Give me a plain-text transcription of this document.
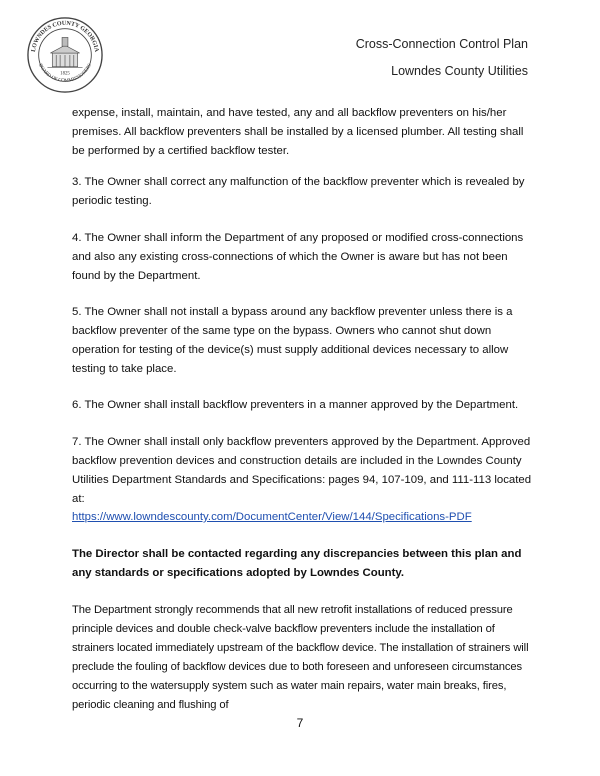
LOWNDES COUNTY GEORGIA
BOARD OF COMMISSIONERS
1825
Cross-Connection Control Plan
Lowndes County Utilities

expense, install, maintain, and have tested, any and all backflow preventers on his/her premises. All backflow preventers shall be installed by a licensed plumber. All testing shall be performed by a certified backflow tester.

3. The Owner shall correct any malfunction of the backflow preventer which is revealed by periodic testing.

4. The Owner shall inform the Department of any proposed or modified cross-connections and also any existing cross-connections of which the Owner is aware but has not been found by the Department.

5. The Owner shall not install a bypass around any backflow preventer unless there is a backflow preventer of the same type on the bypass. Owners who cannot shut down operation for testing of the device(s) must supply additional devices necessary to allow testing to take place.

6. The Owner shall install backflow preventers in a manner approved by the Department.

7. The Owner shall install only backflow preventers approved by the Department. Approved backflow prevention devices and construction details are included in the Lowndes County Utilities Department Standards and Specifications: pages 94, 107-109, and 111-113 located at:

https://www.lowndescounty.com/DocumentCenter/View/144/Specifications-PDF

The Director shall be contacted regarding any discrepancies between this plan and any standards or specifications adopted by Lowndes County.

The Department strongly recommends that all new retrofit installations of reduced pressure principle devices and double check-valve backflow preventers include the installation of strainers located immediately upstream of the backflow device. The installation of strainers will preclude the fouling of backflow devices due to both foreseen and unforeseen circumstances occurring to the watersupply system such as water main repairs, water main breaks, fires, periodic cleaning and flushing of

7
